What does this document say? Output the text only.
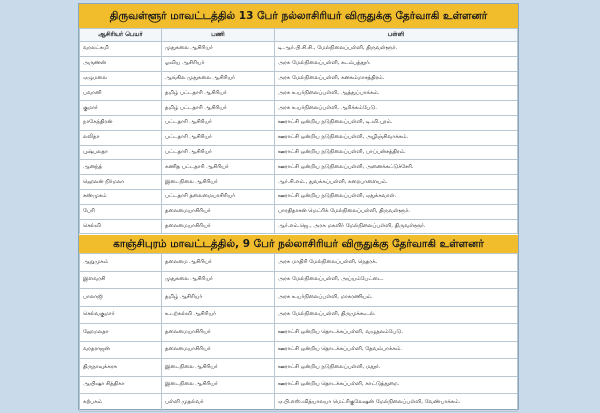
திருவள்ளூர் மாவட்டத்தில் 13 பேர் நல்லாசிரியர் விருதுக்கு தேர்வாகி உள்ளனர்
ஆசிரியர் பெயர்	பணி	பள்ளி
வரலட்சுமி	முதுகலை ஆசிரியர்	டி.ஆர்.பி.சி.சி., மேல்நிலைப்பள்ளி, திருவள்ளூர்.
அருணன்	ஓவிய ஆசிரியர்	அரசு மேல்நிலைப்பள்ளி, கடம்பத்தூர்.
ஏழுமலை	ஆங்கில முதுகலை ஆசிரியர்	அரசு மேல்நிலைப்பள்ளி, கனகம்மாசத்திரம்.
பவானி	தமிழ் பட்டதாரி ஆசிரியர்	அரசு உயர்நிலைப்பள்ளி, ஆத்துப்பாக்கம்.
குமார்	தமிழ் பட்டதாரி ஆசிரியர்	அரசு உயர்நிலைப்பள்ளி, ஆரிக்கம்பேடு.
நாகேந்திரன்	பட்டதாரி ஆசிரியர்	ஊராட்சி ஒன்றிய நடுநிலைப்பள்ளி, டி.வி.புரம்.
லலிதா	பட்டதாரி ஆசிரியர்	ஊராட்சி ஒன்றிய நடுநிலைப்பள்ளி, அழிஞ்சிவாக்கம்.
புஷ்பலதா	பட்டதாரி ஆசிரியர்	ஊராட்சி ஒன்றிய நடுநிலைப்பள்ளி, பாப்பன்சத்திரம்.
ஆனந்த்	கணித பட்டதாரி ஆசிரியர்	ஊராட்சி ஒன்றிய நடுநிலைப்பள்ளி, அனைக்கட்டுச்சேரி.
ஹெலன் நிர்மலா	இடைநிலை ஆசிரியர்	ஆர்.சி.எம்., துவக்கப்பள்ளி, சுறைபாளையம்.
சண்முகம்	பட்டதாரி தலைமையாசிரியர்	ஊராட்சி ஒன்றிய நடுநிலைப்பள்ளி, ஏதுக்கவாள்.
பேரி	தலைமையாசிரியர்	பாரதிதாசன் மெட்ரிக் மேல்நிலைப்பள்ளி, திருவள்ளூர்.
செல்வி	தலைமையாசிரியர்	ஆர்.எம்.ஜெ., அரசு மகளிர் மேல்நிலைப்பள்ளி, திருவள்ளூர்.
காஞ்சிபுரம் மாவட்டத்தில், 9 பேர் நல்லாசிரியர் விருதுக்கு தேர்வாகி உள்ளனர்
ஆறுமுகம்	தலைமை ஆசிரியர்	அரசு மாதிரி மேல்நிலைப்பள்ளி, நெதரக்.
இளவரசி	முதுகலை ஆசிரியர்	அரசு மேல்நிலைப்பள்ளி, அய்யம்பேட்டை.
பாலாஜி	தமிழ் ஆசிரியர்	அரசு உயர்நிலைப்பள்ளி, மாகரணியம்.
செல்வகுமார்	உடற்கல்வி ஆசிரியர்	அரசு மேல்நிலைப்பள்ளி, திருமுக்கூடல்.
ஹேமலதா	தலைமையாசிரியர்	ஊராட்சி ஒன்றிய தொடக்கப்பள்ளி, வழுதலம்பேடு.
வரதராஜன்	தலைமையாசிரியர்	ஊராட்சி ஒன்றிய தொடக்கப்பள்ளி, தேவம்பாக்கம்.
திருநாவுக்கரசு	இடைநிலை ஆசிரியர்	ஊராட்சி ஒன்றிய நடுநிலைப்பள்ளி, மதூர்.
ஆயிஷா சித்திகா	இடைநிலை ஆசிரியர்	ஊராட்சி ஒன்றிய தொடக்கப்பள்ளி, காட்டுத்துறை.
கற்பகம்	பள்ளி முதல்வர்	ஏ.பி.எஸ்.வித்யாலயா மெட்ரிகுலேஷன் மேல்நிலைப்பள்ளி, வேண்பாக்கம்.
